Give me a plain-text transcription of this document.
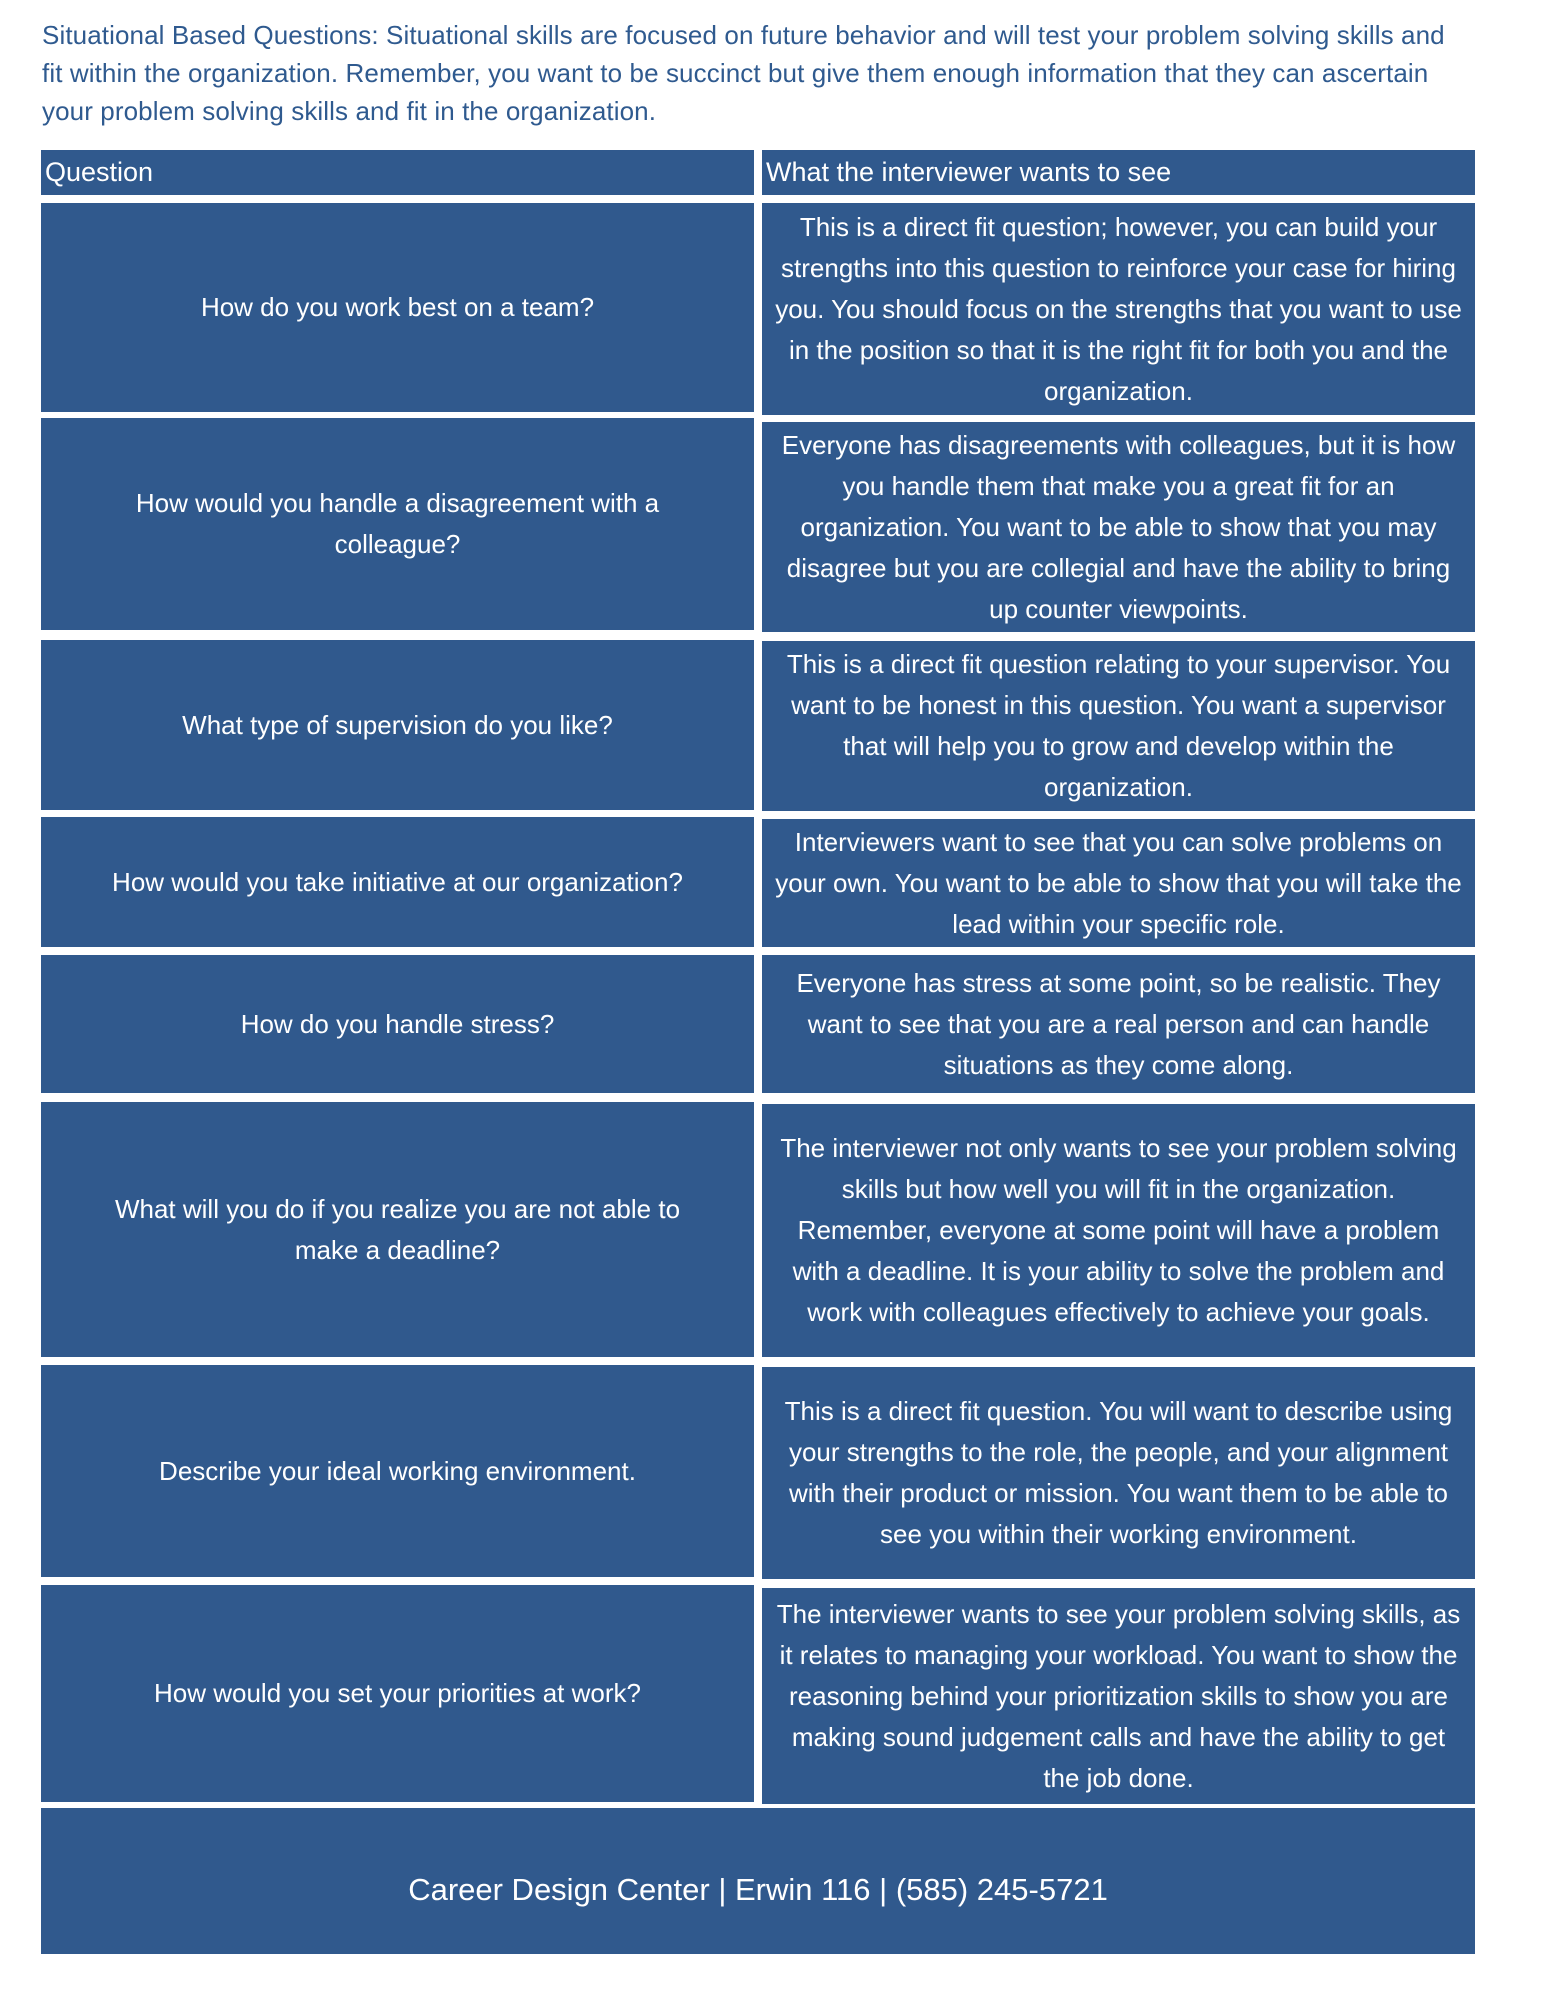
Situational Based Questions: Situational skills are focused on future behavior and will test your problem solving skills and fit within the organization. Remember, you want to be succinct but give them enough information that they can ascertain your problem solving skills and fit in the organization.

Question	What the interviewer wants to see
How do you work best on a team?
This is a direct fit question; however, you can build your strengths into this question to reinforce your case for hiring you. You should focus on the strengths that you want to use in the position so that it is the right fit for both you and the organization.
How would you handle a disagreement with a colleague?
Everyone has disagreements with colleagues, but it is how you handle them that make you a great fit for an organization. You want to be able to show that you may disagree but you are collegial and have the ability to bring up counter viewpoints.
What type of supervision do you like?
This is a direct fit question relating to your supervisor. You want to be honest in this question. You want a supervisor that will help you to grow and develop within the organization.
How would you take initiative at our organization?
Interviewers want to see that you can solve problems on your own. You want to be able to show that you will take the lead within your specific role.
How do you handle stress?
Everyone has stress at some point, so be realistic. They want to see that you are a real person and can handle situations as they come along.
What will you do if you realize you are not able to make a deadline?
The interviewer not only wants to see your problem solving skills but how well you will fit in the organization. Remember, everyone at some point will have a problem with a deadline. It is your ability to solve the problem and work with colleagues effectively to achieve your goals.
Describe your ideal working environment.
This is a direct fit question. You will want to describe using your strengths to the role, the people, and your alignment with their product or mission. You want them to be able to see you within their working environment.
How would you set your priorities at work?
The interviewer wants to see your problem solving skills, as it relates to managing your workload. You want to show the reasoning behind your prioritization skills to show you are making sound judgement calls and have the ability to get the job done.
Career Design Center | Erwin 116 | (585) 245-5721
